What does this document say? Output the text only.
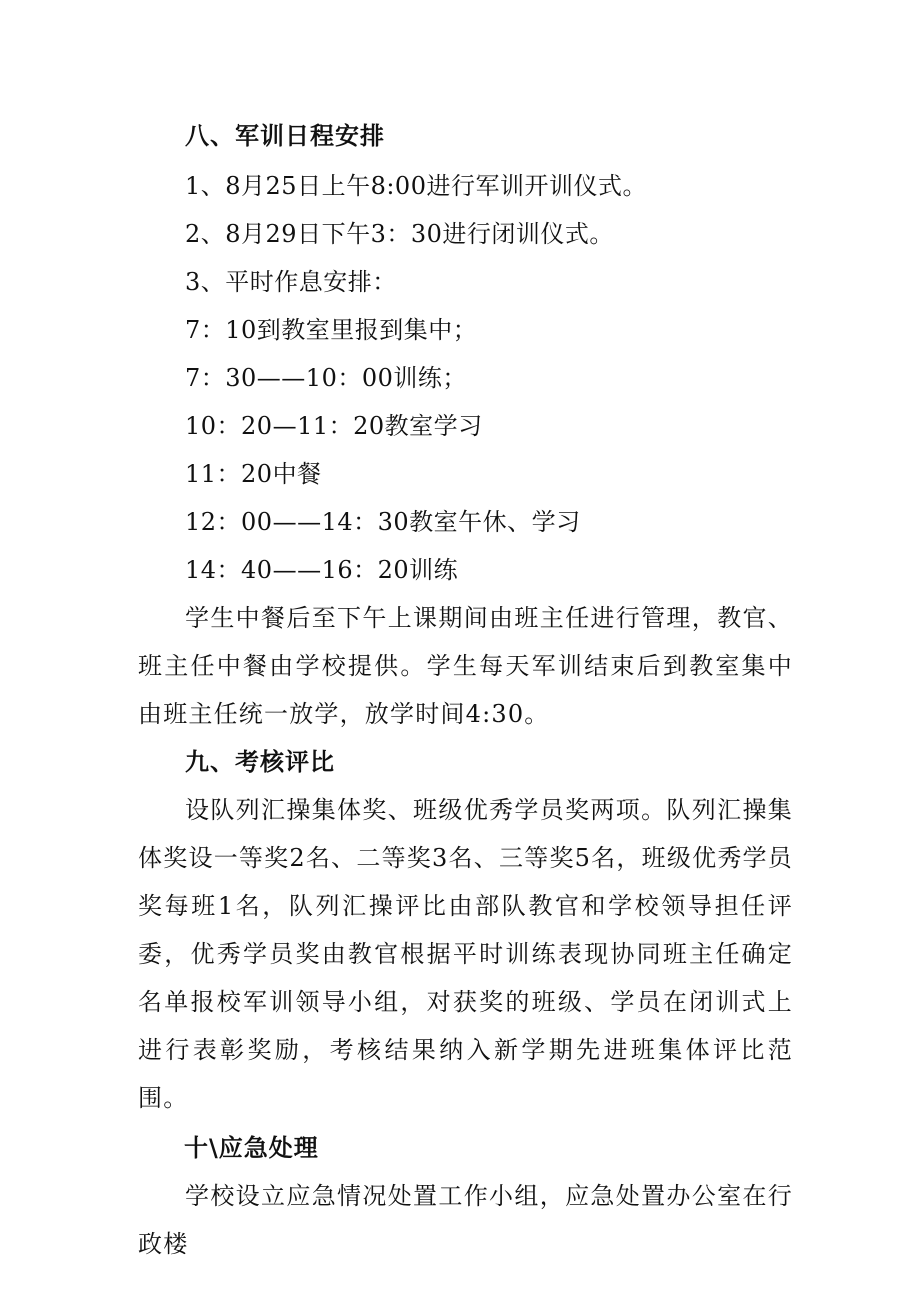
八、军训日程安排

1、8月25日上午8:00进行军训开训仪式。

2、8月29日下午3：30进行闭训仪式。

3、平时作息安排：

7：10到教室里报到集中；

7：30——10：00训练；

10：20—11：20教室学习

11：20中餐

12：00——14：30教室午休、学习

14：40——16：20训练

学生中餐后至下午上课期间由班主任进行管理，教官、班主任中餐由学校提供。学生每天军训结束后到教室集中由班主任统一放学，放学时间4:30。

九、考核评比

设队列汇操集体奖、班级优秀学员奖两项。队列汇操集体奖设一等奖2名、二等奖3名、三等奖5名，班级优秀学员奖每班1名，队列汇操评比由部队教官和学校领导担任评委，优秀学员奖由教官根据平时训练表现协同班主任确定名单报校军训领导小组，对获奖的班级、学员在闭训式上进行表彰奖励，考核结果纳入新学期先进班集体评比范围。

十\应急处理

学校设立应急情况处置工作小组，应急处置办公室在行政楼
